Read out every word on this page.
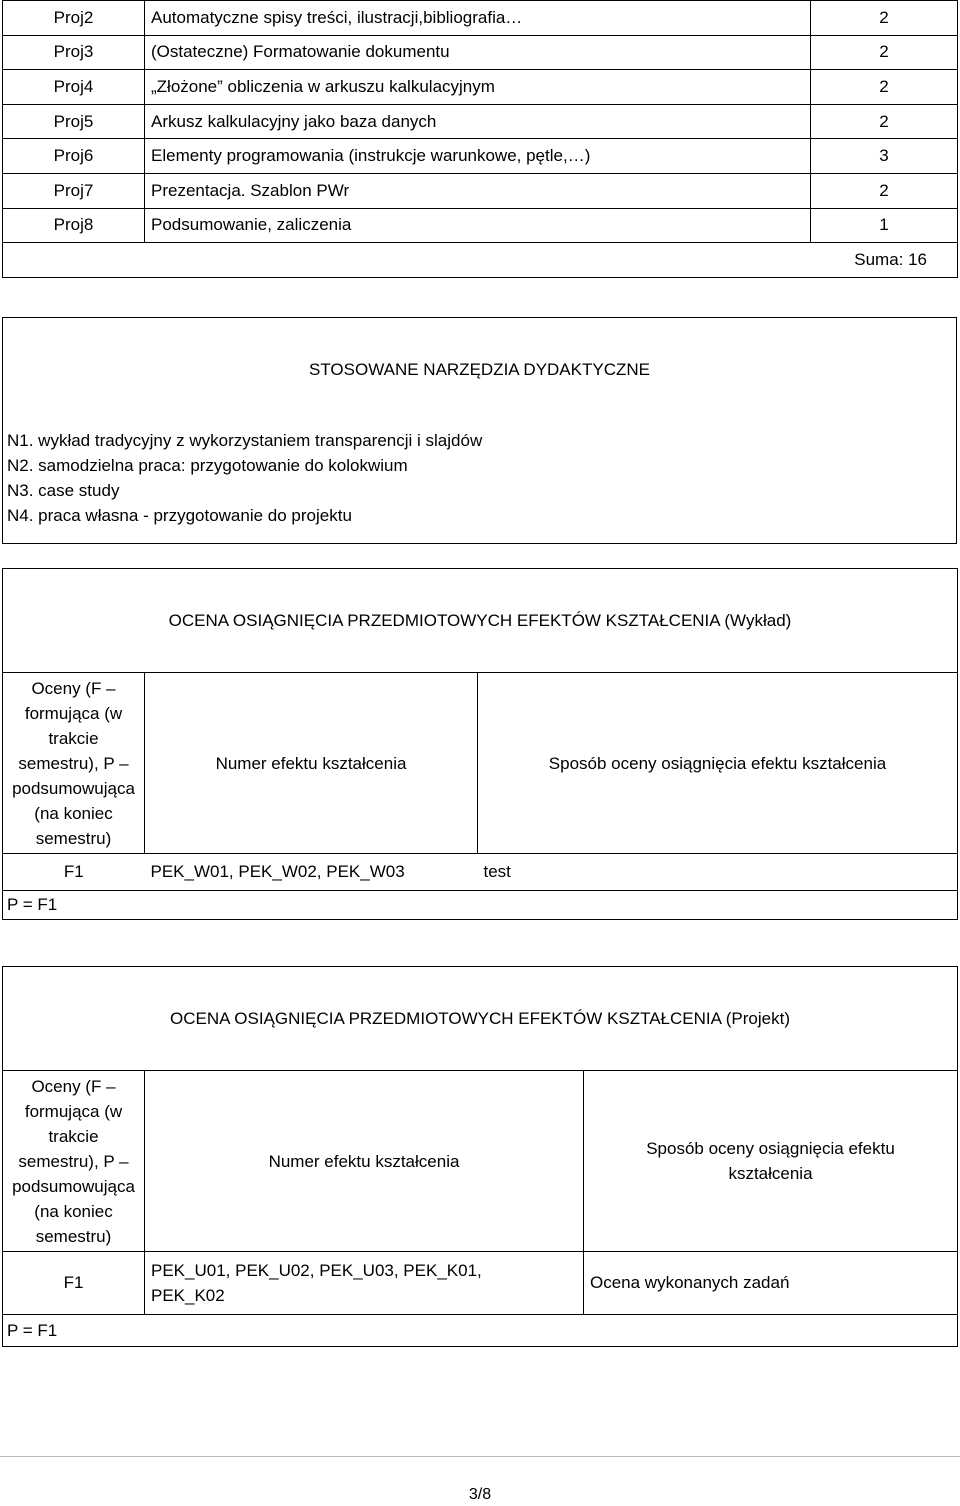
Proj2	Automatyczne spisy treści, ilustracji,bibliografia…	2
Proj3	(Ostateczne) Formatowanie dokumentu	2
Proj4	„Złożone” obliczenia w arkuszu kalkulacyjnym	2
Proj5	Arkusz kalkulacyjny jako baza danych	2
Proj6	Elementy programowania (instrukcje warunkowe, pętle,…)	3
Proj7	Prezentacja. Szablon PWr	2
Proj8	Podsumowanie, zaliczenia	1
Suma: 16		
STOSOWANE NARZĘDZIA DYDAKTYCZNE
N1. wykład tradycyjny z wykorzystaniem transparencji i slajdów
N2. samodzielna praca: przygotowanie do kolokwium
N3. case study
N4. praca własna - przygotowanie do projektu
OCENA OSIĄGNIĘCIA PRZEDMIOTOWYCH EFEKTÓW KSZTAŁCENIA (Wykład)		
Oceny (F – formująca (w trakcie semestru), P – podsumowująca (na koniec semestru)	Numer efektu kształcenia	Sposób oceny osiągnięcia efektu kształcenia
F1	PEK_W01, PEK_W02, PEK_W03	test
P = F1		
OCENA OSIĄGNIĘCIA PRZEDMIOTOWYCH EFEKTÓW KSZTAŁCENIA (Projekt)		
Oceny (F – formująca (w trakcie semestru), P – podsumowująca (na koniec semestru)	Numer efektu kształcenia	Sposób oceny osiągnięcia efektu kształcenia
F1	PEK_U01, PEK_U02, PEK_U03, PEK_K01, PEK_K02	Ocena wykonanych zadań
P = F1		
3/8
